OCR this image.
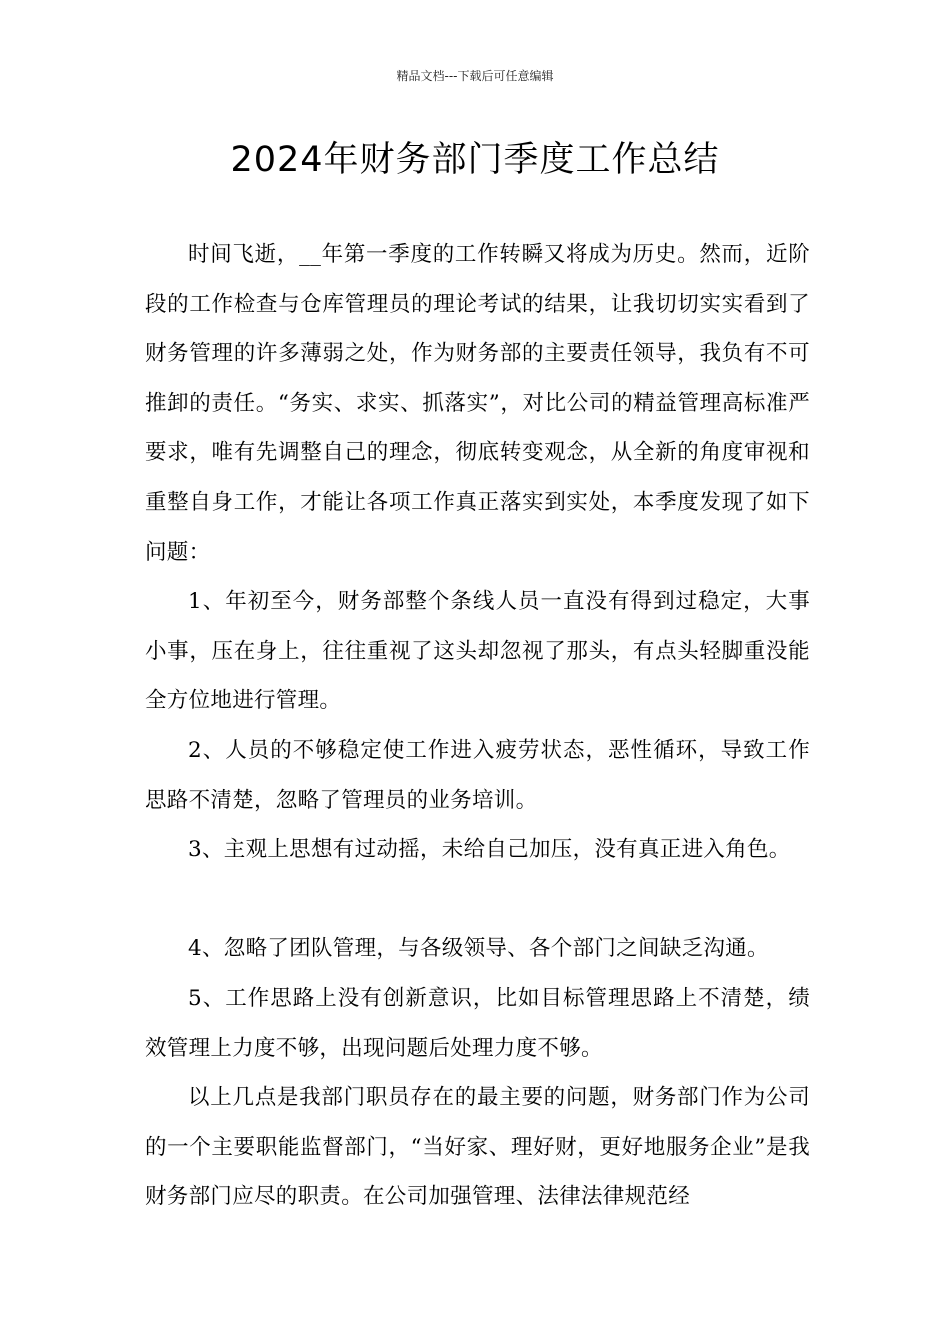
精品文档---下载后可任意编辑
2024年财务部门季度工作总结

时间飞逝，__年第一季度的工作转瞬又将成为历史。然而，近阶段的工作检查与仓库管理员的理论考试的结果，让我切切实实看到了财务管理的许多薄弱之处，作为财务部的主要责任领导，我负有不可推卸的责任。“务实、求实、抓落实”，对比公司的精益管理高标准严要求，唯有先调整自己的理念，彻底转变观念，从全新的角度审视和重整自身工作，才能让各项工作真正落实到实处，本季度发现了如下问题：

1、年初至今，财务部整个条线人员一直没有得到过稳定，大事小事，压在身上，往往重视了这头却忽视了那头，有点头轻脚重没能全方位地进行管理。

2、人员的不够稳定使工作进入疲劳状态，恶性循环，导致工作思路不清楚，忽略了管理员的业务培训。

3、主观上思想有过动摇，未给自己加压，没有真正进入角色。

4、忽略了团队管理，与各级领导、各个部门之间缺乏沟通。

5、工作思路上没有创新意识，比如目标管理思路上不清楚，绩效管理上力度不够，出现问题后处理力度不够。

以上几点是我部门职员存在的最主要的问题，财务部门作为公司的一个主要职能监督部门，“当好家、理好财，更好地服务企业”是我财务部门应尽的职责。在公司加强管理、法律法律规范经
